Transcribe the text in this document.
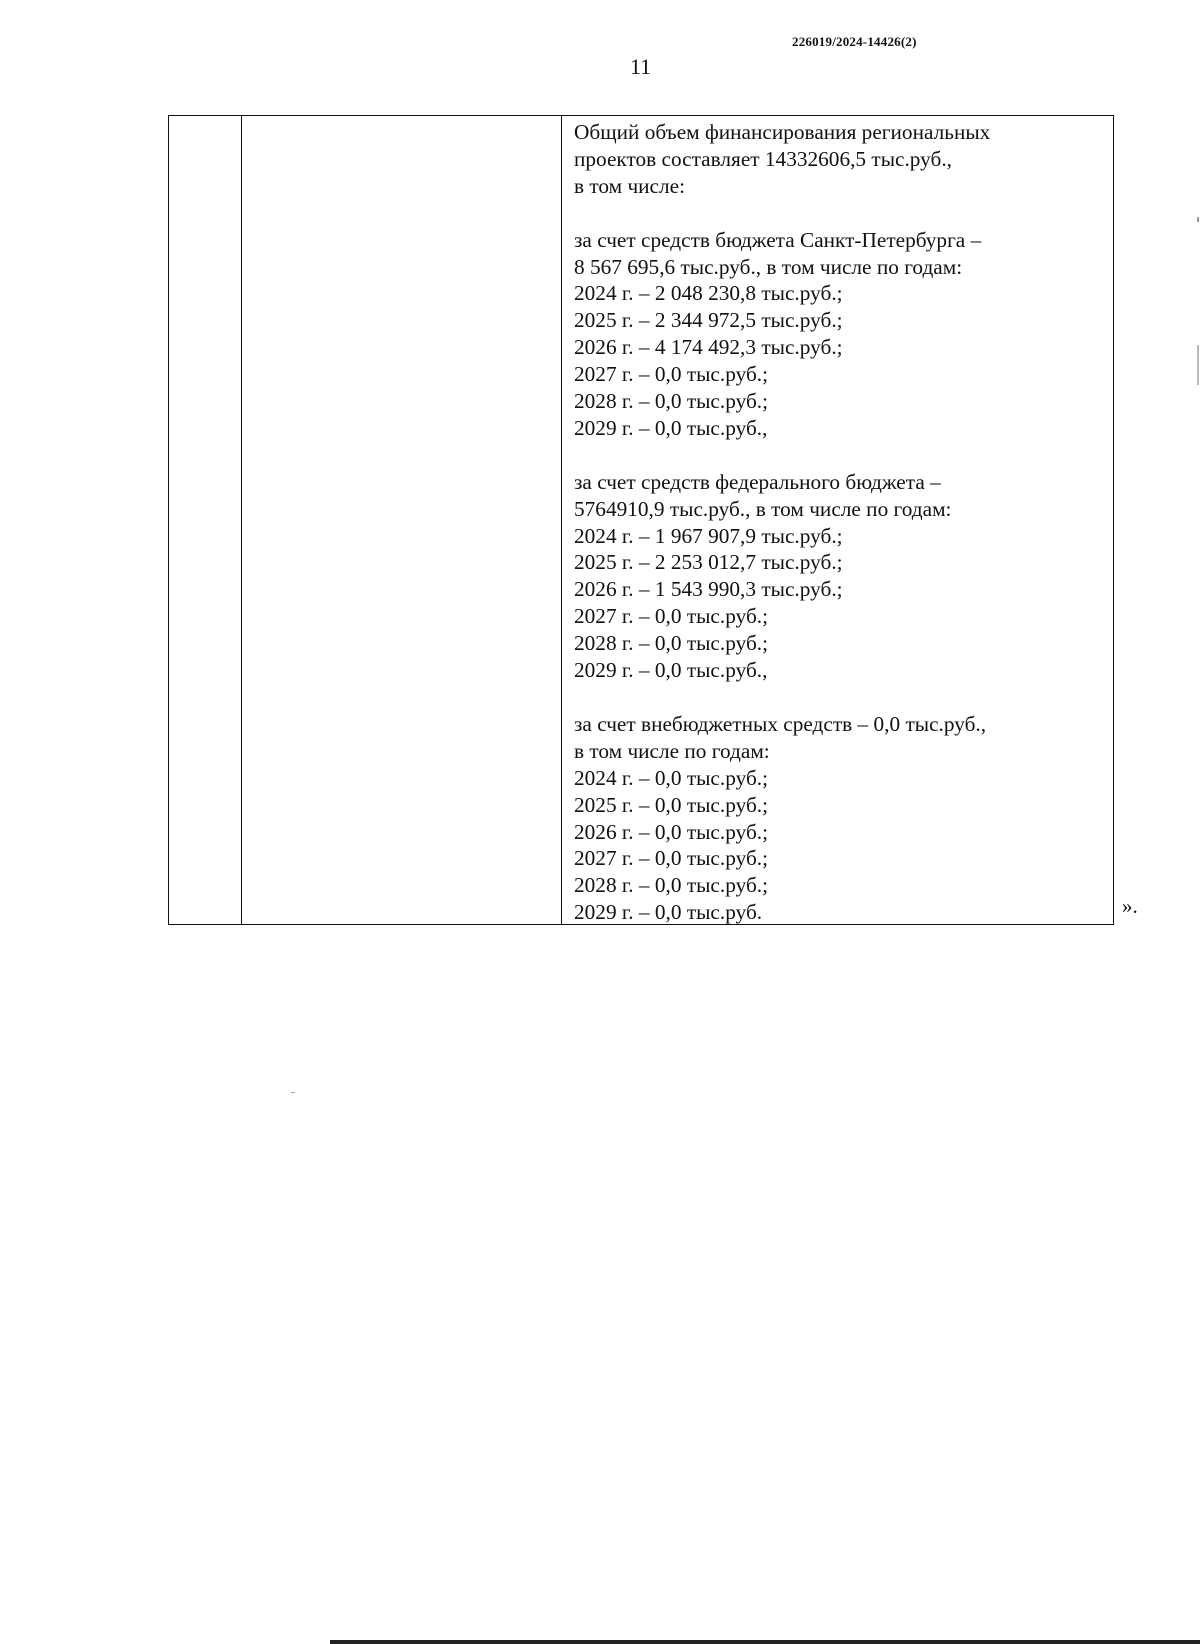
226019/2024-14426(2)
11
Общий объем финансирования региональных
проектов составляет 14332606,5 тыс.руб.,
в том числе:
за счет средств бюджета Санкт-Петербурга –
8 567 695,6 тыс.руб., в том числе по годам:
2024 г. – 2 048 230,8 тыс.руб.;
2025 г. – 2 344 972,5 тыс.руб.;
2026 г. – 4 174 492,3 тыс.руб.;
2027 г. – 0,0 тыс.руб.;
2028 г. – 0,0 тыс.руб.;
2029 г. – 0,0 тыс.руб.,
за счет средств федерального бюджета –
5764910,9 тыс.руб., в том числе по годам:
2024 г. – 1 967 907,9 тыс.руб.;
2025 г. – 2 253 012,7 тыс.руб.;
2026 г. – 1 543 990,3 тыс.руб.;
2027 г. – 0,0 тыс.руб.;
2028 г. – 0,0 тыс.руб.;
2029 г. – 0,0 тыс.руб.,
за счет внебюджетных средств – 0,0 тыс.руб.,
в том числе по годам:
2024 г. – 0,0 тыс.руб.;
2025 г. – 0,0 тыс.руб.;
2026 г. – 0,0 тыс.руб.;
2027 г. – 0,0 тыс.руб.;
2028 г. – 0,0 тыс.руб.;
2029 г. – 0,0 тыс.руб.	».
